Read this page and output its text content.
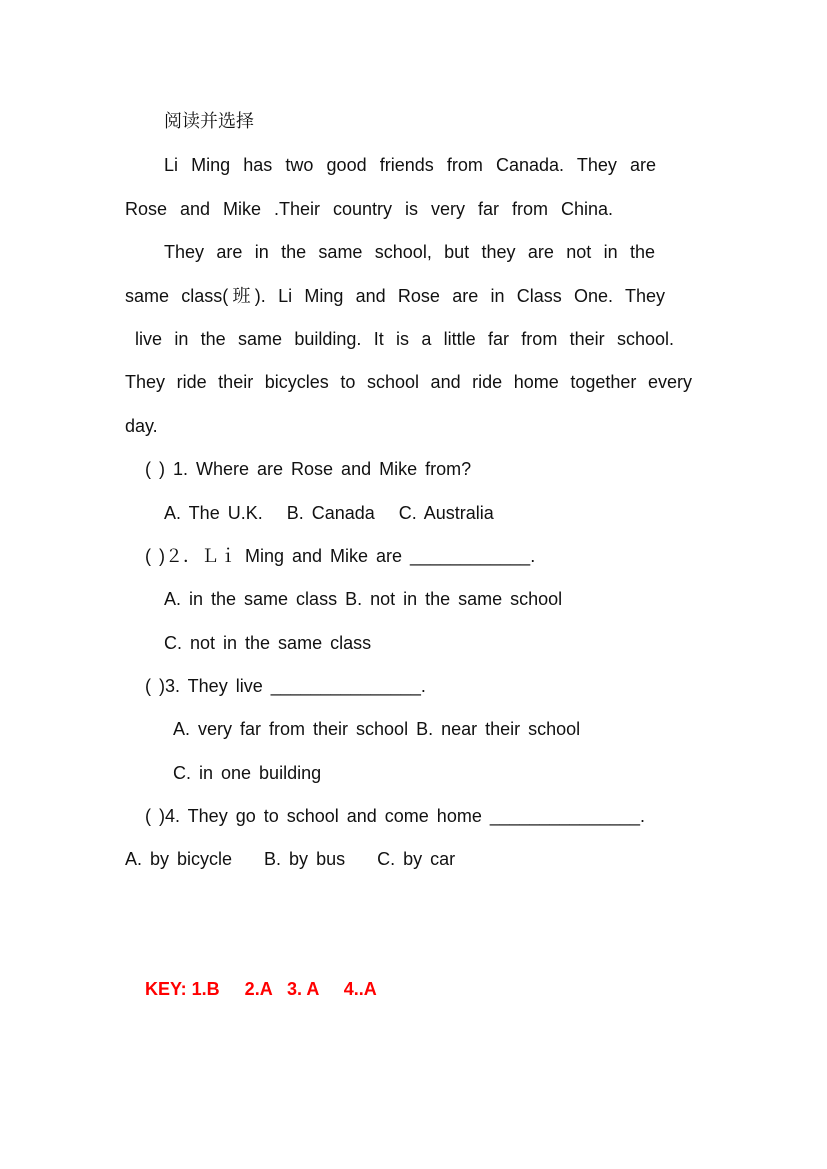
阅读并选择
Li Ming has two good friends from Canada. They are
Rose and Mike .Their country is very far from China.
They are in the same school, but they are not in the
same class(班). Li Ming and Rose are in Class One. They
live in the same building. It is a little far from their school.
They ride their bicycles to school and ride home together every
day.
( ) 1. Where are Rose and Mike from?
A. The U.K.   B. Canada   C. Australia
( )２．Ｌｉ Ming and Mike are ____________.
A. in the same class B. not in the same school
C. not in the same class
( )3. They live _______________.
A. very far from their school B. near their school
C. in one building
( )4. They go to school and come home _______________.
A. by bicycle    B. by bus    C. by car
KEY: 1.B     2.A   3. A     4..A
